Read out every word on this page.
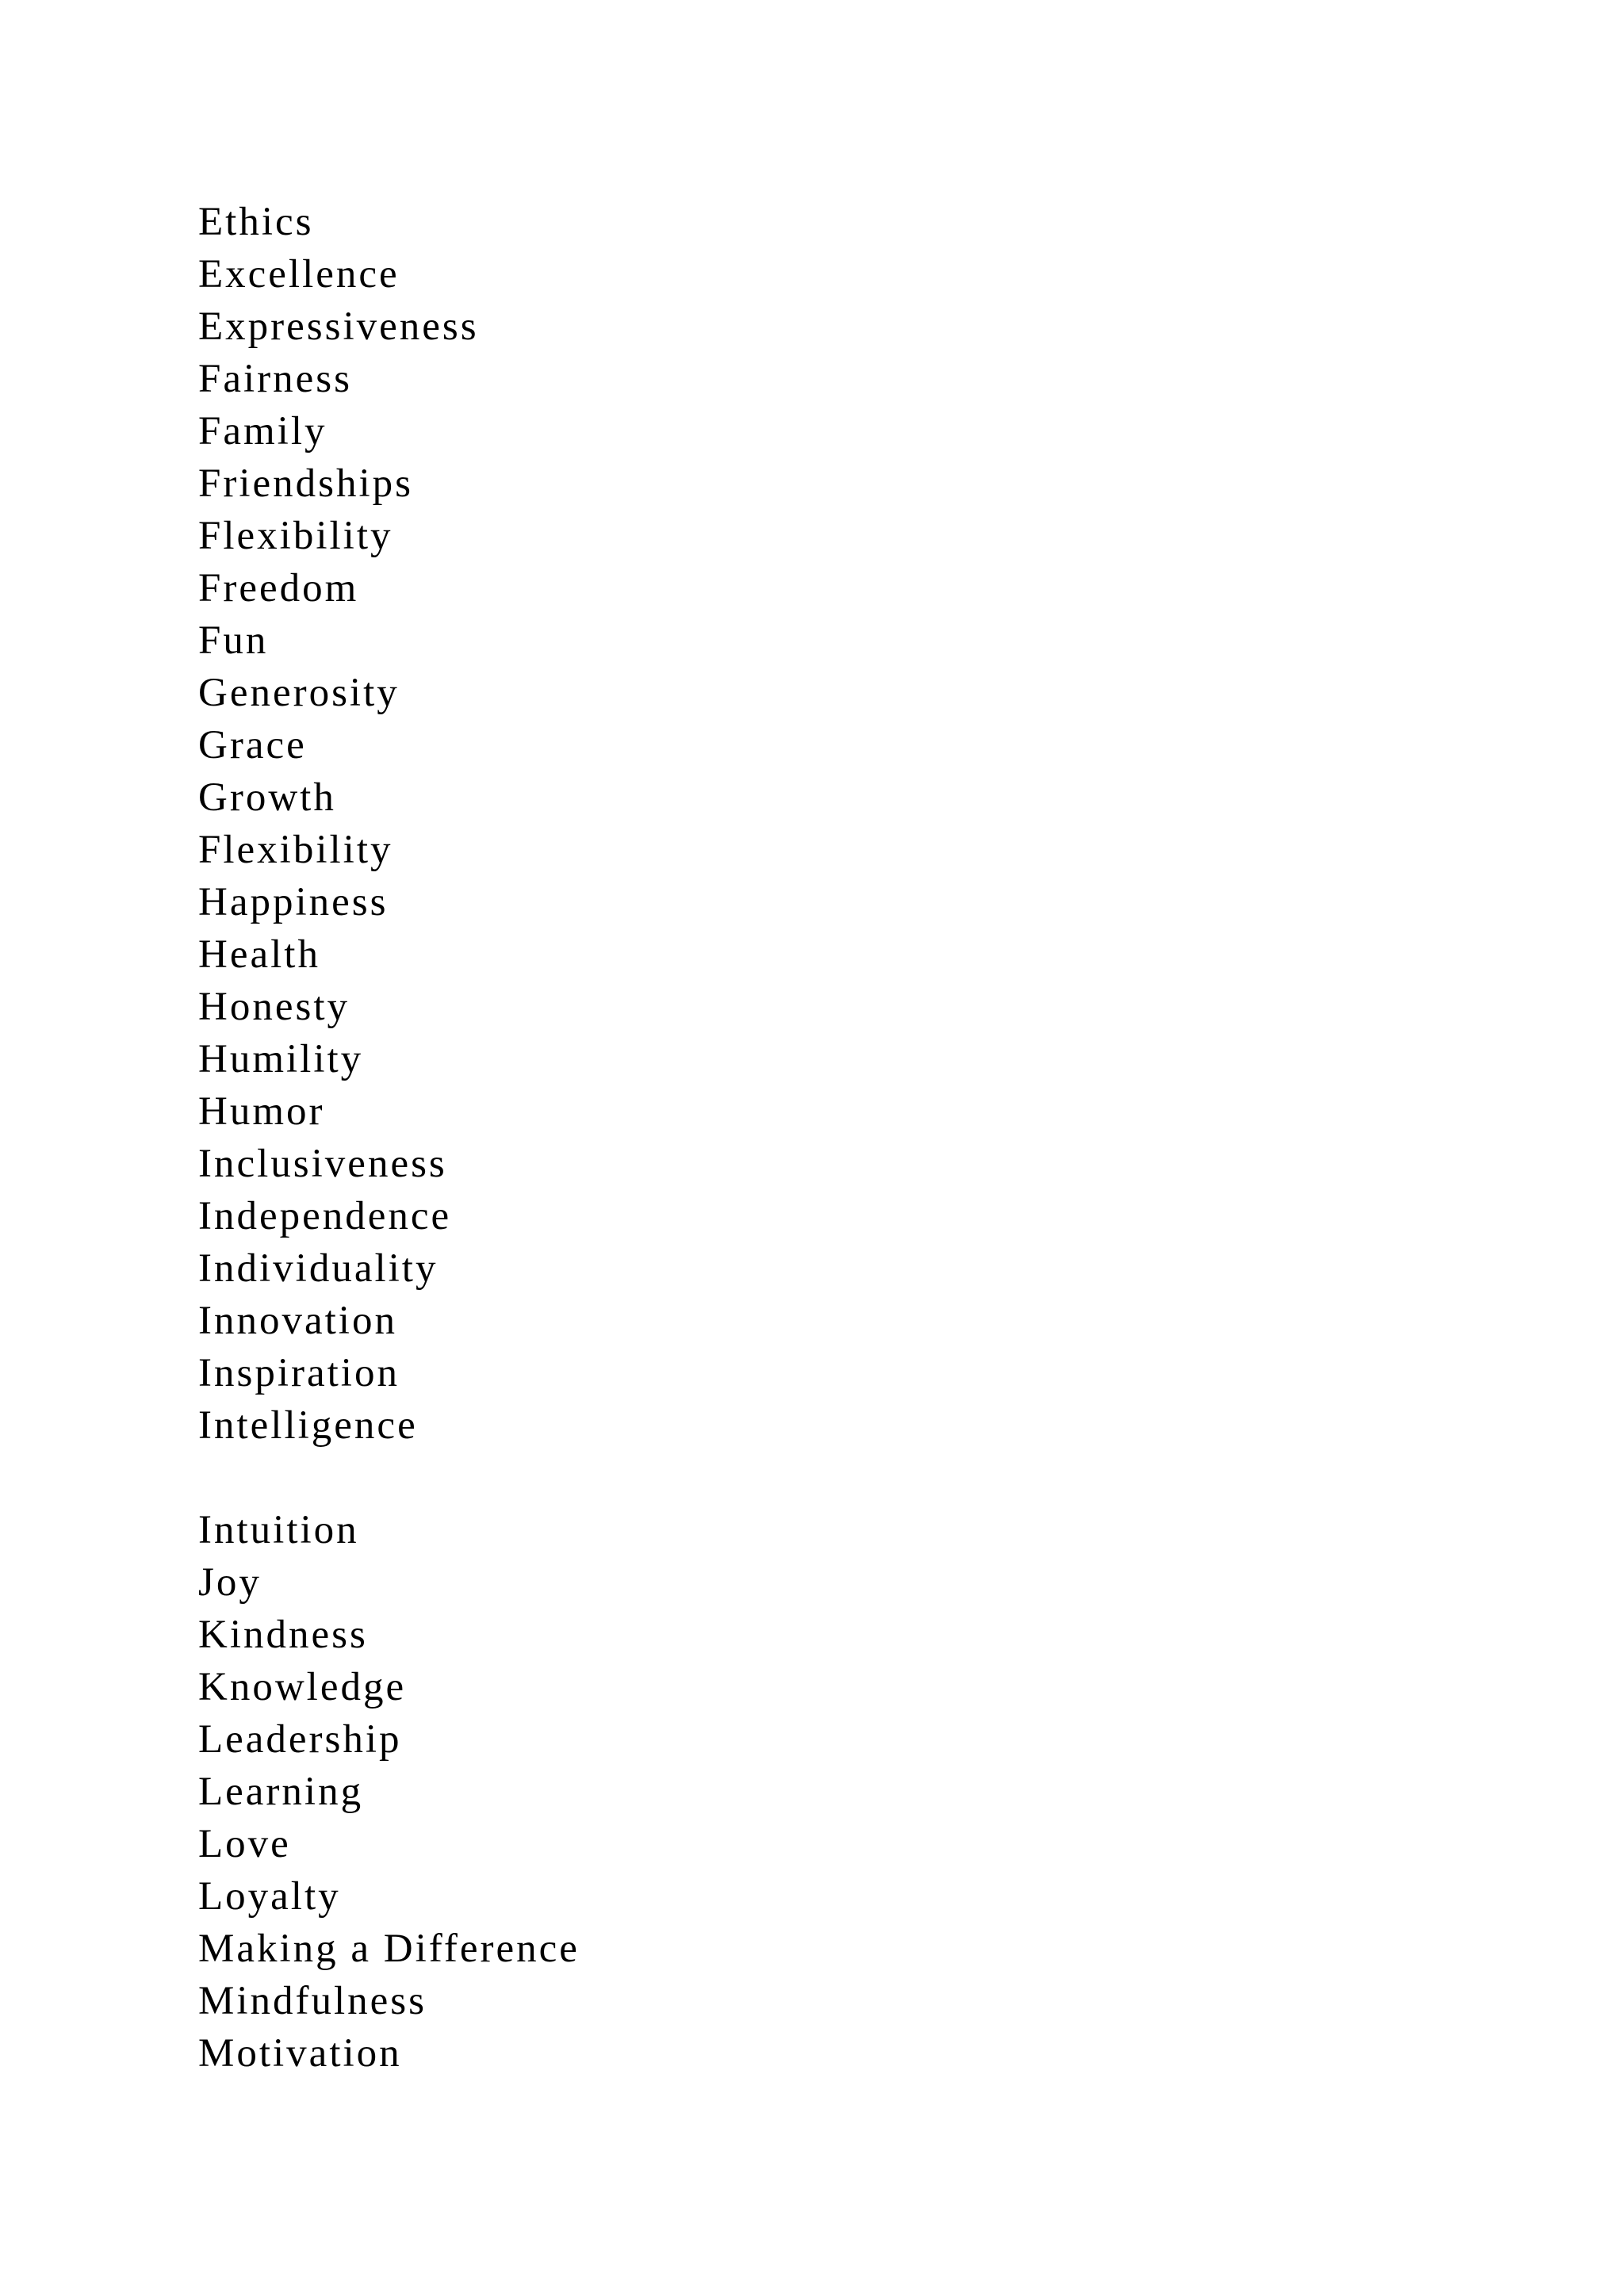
Ethics
Excellence
Expressiveness
Fairness
Family
Friendships
Flexibility
Freedom
Fun
Generosity
Grace
Growth
Flexibility
Happiness
Health
Honesty
Humility
Humor
Inclusiveness
Independence
Individuality
Innovation
Inspiration
Intelligence
Intuition
Joy
Kindness
Knowledge
Leadership
Learning
Love
Loyalty
Making a Difference
Mindfulness
Motivation
